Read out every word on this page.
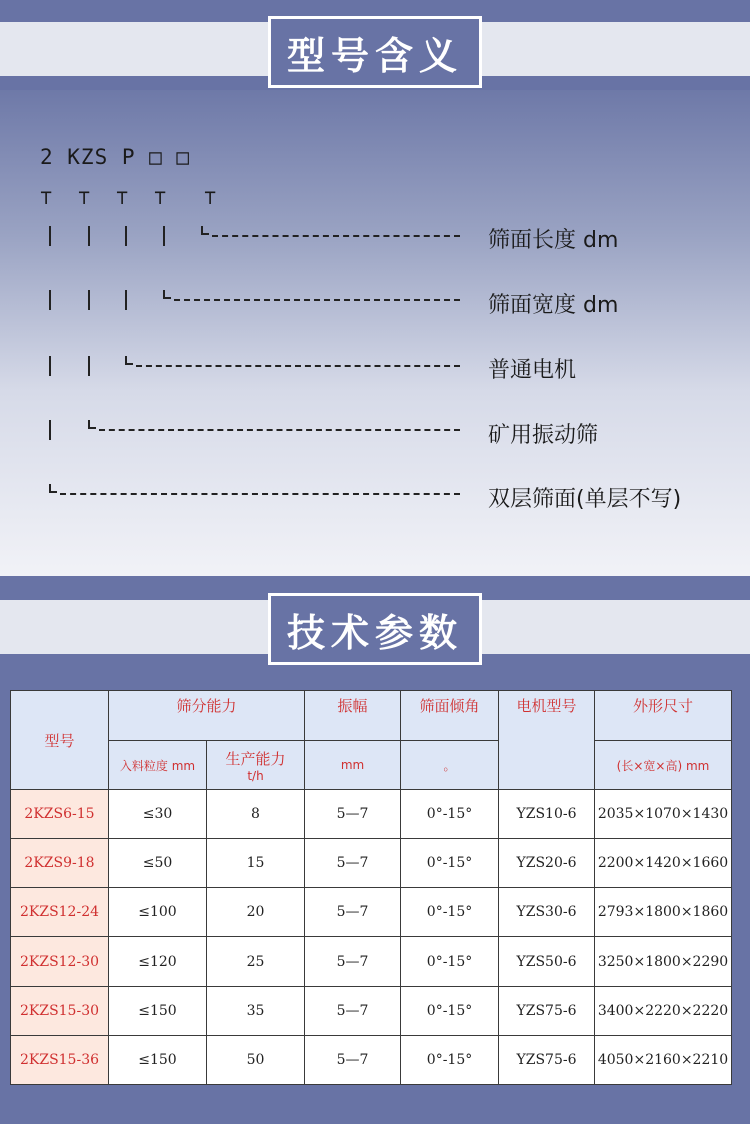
型号含义
2 KZS P □ □
⊤ ⊤ ⊤ ⊤ ⊤
筛面长度 dm
筛面宽度 dm
普通电机
矿用振动筛
双层筛面(单层不写)
技术参数
型号	筛分能力		振幅	筛面倾角	电机型号	外形尺寸
	入料粒度 mm	生产能力
t/h	mm	。		(长×宽×高) mm
2KZS6-15	≤30	8	5—7	0°-15°	YZS10-6	2035×1070×1430
2KZS9-18	≤50	15	5—7	0°-15°	YZS20-6	2200×1420×1660
2KZS12-24	≤100	20	5—7	0°-15°	YZS30-6	2793×1800×1860
2KZS12-30	≤120	25	5—7	0°-15°	YZS50-6	3250×1800×2290
2KZS15-30	≤150	35	5—7	0°-15°	YZS75-6	3400×2220×2220
2KZS15-36	≤150	50	5—7	0°-15°	YZS75-6	4050×2160×2210
